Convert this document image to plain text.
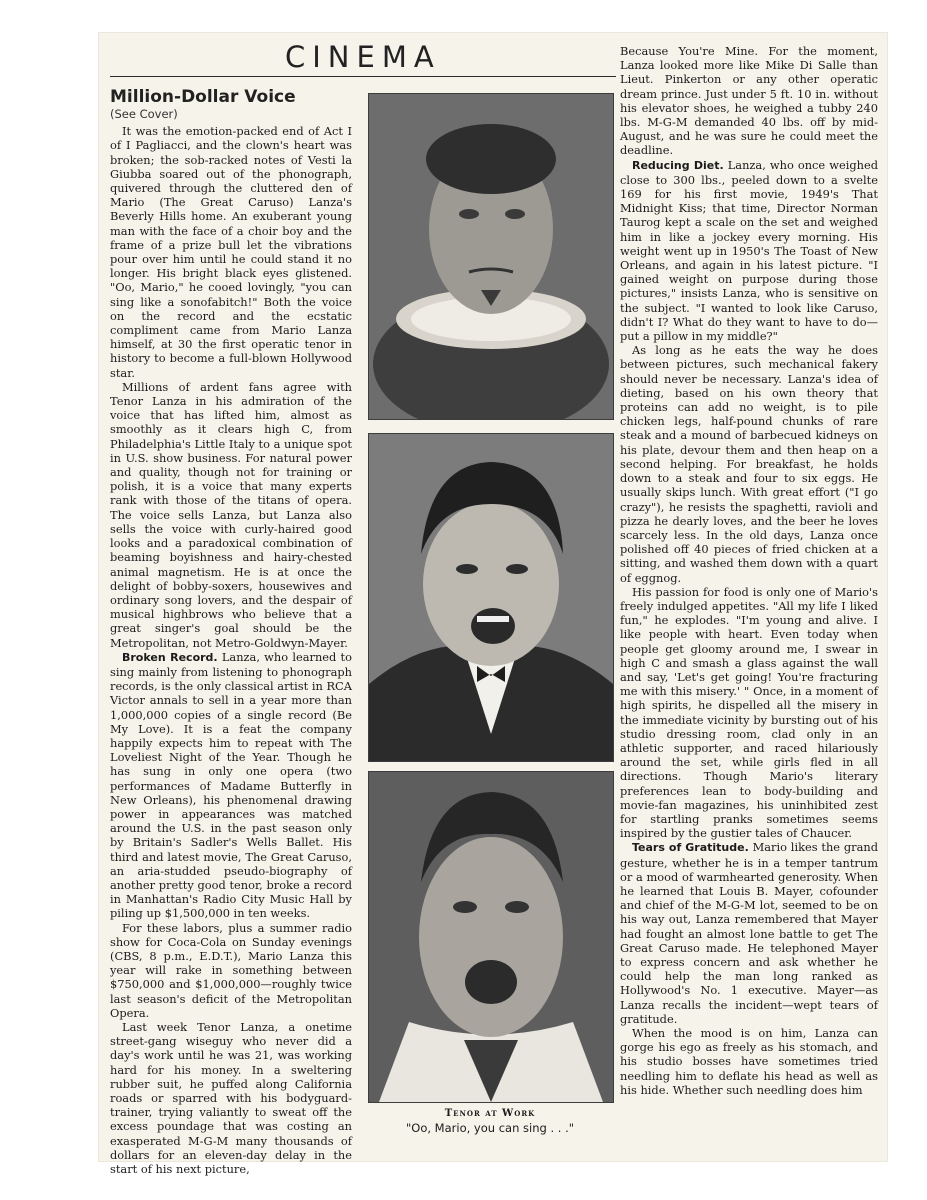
CINEMA
Million-Dollar Voice
(See Cover)

It was the emotion-packed end of Act I of I Pagliacci, and the clown's heart was broken; the sob-racked notes of Vesti la Giubba soared out of the phonograph, quivered through the cluttered den of Mario (The Great Caruso) Lanza's Beverly Hills home. An exuberant young man with the face of a choir boy and the frame of a prize bull let the vibrations pour over him until he could stand it no longer. His bright black eyes glistened. "Oo, Mario," he cooed lovingly, "you can sing like a sonofabitch!" Both the voice on the record and the ecstatic compliment came from Mario Lanza himself, at 30 the first operatic tenor in history to become a full-blown Hollywood star.

Millions of ardent fans agree with Tenor Lanza in his admiration of the voice that has lifted him, almost as smoothly as it clears high C, from Philadelphia's Little Italy to a unique spot in U.S. show business. For natural power and quality, though not for training or polish, it is a voice that many experts rank with those of the titans of opera. The voice sells Lanza, but Lanza also sells the voice with curly-haired good looks and a paradoxical combination of beaming boyishness and hairy-chested animal magnetism. He is at once the delight of bobby-soxers, housewives and ordinary song lovers, and the despair of musical highbrows who believe that a great singer's goal should be the Metropolitan, not Metro-Goldwyn-Mayer.

Broken Record. Lanza, who learned to sing mainly from listening to phonograph records, is the only classical artist in RCA Victor annals to sell in a year more than 1,000,000 copies of a single record (Be My Love). It is a feat the company happily expects him to repeat with The Loveliest Night of the Year. Though he has sung in only one opera (two performances of Madame Butterfly in New Orleans), his phenomenal drawing power in appearances was matched around the U.S. in the past season only by Britain's Sadler's Wells Ballet. His third and latest movie, The Great Caruso, an aria-studded pseudo-biography of another pretty good tenor, broke a record in Manhattan's Radio City Music Hall by piling up $1,500,000 in ten weeks.

For these labors, plus a summer radio show for Coca-Cola on Sunday evenings (CBS, 8 p.m., E.D.T.), Mario Lanza this year will rake in something between $750,000 and $1,000,000—roughly twice last season's deficit of the Metropolitan Opera.

Last week Tenor Lanza, a onetime street-gang wiseguy who never did a day's work until he was 21, was working hard for his money. In a sweltering rubber suit, he puffed along California roads or sparred with his bodyguard-trainer, trying valiantly to sweat off the excess poundage that was costing an exasperated M-G-M many thousands of dollars for an eleven-day delay in the start of his next picture,

Tenor at Work
"Oo, Mario, you can sing . . ."

Because You're Mine. For the moment, Lanza looked more like Mike Di Salle than Lieut. Pinkerton or any other operatic dream prince. Just under 5 ft. 10 in. without his elevator shoes, he weighed a tubby 240 lbs. M-G-M demanded 40 lbs. off by mid-August, and he was sure he could meet the deadline.

Reducing Diet. Lanza, who once weighed close to 300 lbs., peeled down to a svelte 169 for his first movie, 1949's That Midnight Kiss; that time, Director Norman Taurog kept a scale on the set and weighed him in like a jockey every morning. His weight went up in 1950's The Toast of New Orleans, and again in his latest picture. "I gained weight on purpose during those pictures," insists Lanza, who is sensitive on the subject. "I wanted to look like Caruso, didn't I? What do they want to have to do—put a pillow in my middle?"

As long as he eats the way he does between pictures, such mechanical fakery should never be necessary. Lanza's idea of dieting, based on his own theory that proteins can add no weight, is to pile chicken legs, half-pound chunks of rare steak and a mound of barbecued kidneys on his plate, devour them and then heap on a second helping. For breakfast, he holds down to a steak and four to six eggs. He usually skips lunch. With great effort ("I go crazy"), he resists the spaghetti, ravioli and pizza he dearly loves, and the beer he loves scarcely less. In the old days, Lanza once polished off 40 pieces of fried chicken at a sitting, and washed them down with a quart of eggnog.

His passion for food is only one of Mario's freely indulged appetites. "All my life I liked fun," he explodes. "I'm young and alive. I like people with heart. Even today when people get gloomy around me, I swear in high C and smash a glass against the wall and say, 'Let's get going! You're fracturing me with this misery.' " Once, in a moment of high spirits, he dispelled all the misery in the immediate vicinity by bursting out of his studio dressing room, clad only in an athletic supporter, and raced hilariously around the set, while girls fled in all directions. Though Mario's literary preferences lean to body-building and movie-fan magazines, his uninhibited zest for startling pranks sometimes seems inspired by the gustier tales of Chaucer.

Tears of Gratitude. Mario likes the grand gesture, whether he is in a temper tantrum or a mood of warmhearted generosity. When he learned that Louis B. Mayer, cofounder and chief of the M-G-M lot, seemed to be on his way out, Lanza remembered that Mayer had fought an almost lone battle to get The Great Caruso made. He telephoned Mayer to express concern and ask whether he could help the man long ranked as Hollywood's No. 1 executive. Mayer—as Lanza recalls the incident—wept tears of gratitude.

When the mood is on him, Lanza can gorge his ego as freely as his stomach, and his studio bosses have sometimes tried needling him to deflate his head as well as his hide. Whether such needling does him
